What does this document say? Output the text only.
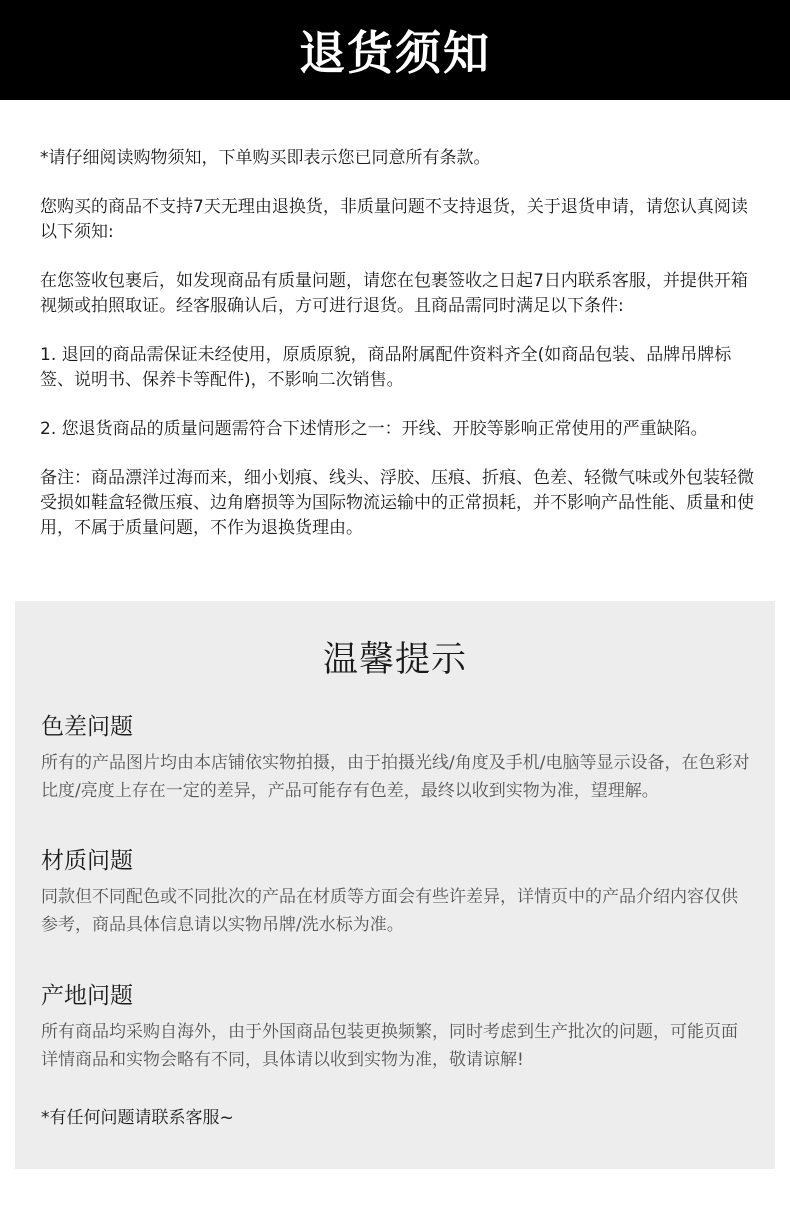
退货须知

*请仔细阅读购物须知，下单购买即表示您已同意所有条款。

您购买的商品不支持7天无理由退换货，非质量问题不支持退货，关于退货申请，请您认真阅读以下须知:

在您签收包裹后，如发现商品有质量问题，请您在包裹签收之日起7日内联系客服，并提供开箱视频或拍照取证。经客服确认后，方可进行退货。且商品需同时满足以下条件:

1. 退回的商品需保证未经使用，原质原貌，商品附属配件资料齐全(如商品包装、品牌吊牌标签、说明书、保养卡等配件)，不影响二次销售。

2. 您退货商品的质量问题需符合下述情形之一：开线、开胶等影响正常使用的严重缺陷。

备注：商品漂洋过海而来，细小划痕、线头、浮胶、压痕、折痕、色差、轻微气味或外包装轻微受损如鞋盒轻微压痕、边角磨损等为国际物流运输中的正常损耗，并不影响产品性能、质量和使用，不属于质量问题，不作为退换货理由。

温馨提示
色差问题

所有的产品图片均由本店铺依实物拍摄，由于拍摄光线/角度及手机/电脑等显示设备，在色彩对比度/亮度上存在一定的差异，产品可能存有色差，最终以收到实物为准，望理解。

材质问题

同款但不同配色或不同批次的产品在材质等方面会有些许差异，详情页中的产品介绍内容仅供参考，商品具体信息请以实物吊牌/洗水标为准。

产地问题

所有商品均采购自海外，由于外国商品包装更换频繁，同时考虑到生产批次的问题，可能页面详情商品和实物会略有不同，具体请以收到实物为准，敬请谅解!

*有任何问题请联系客服~
